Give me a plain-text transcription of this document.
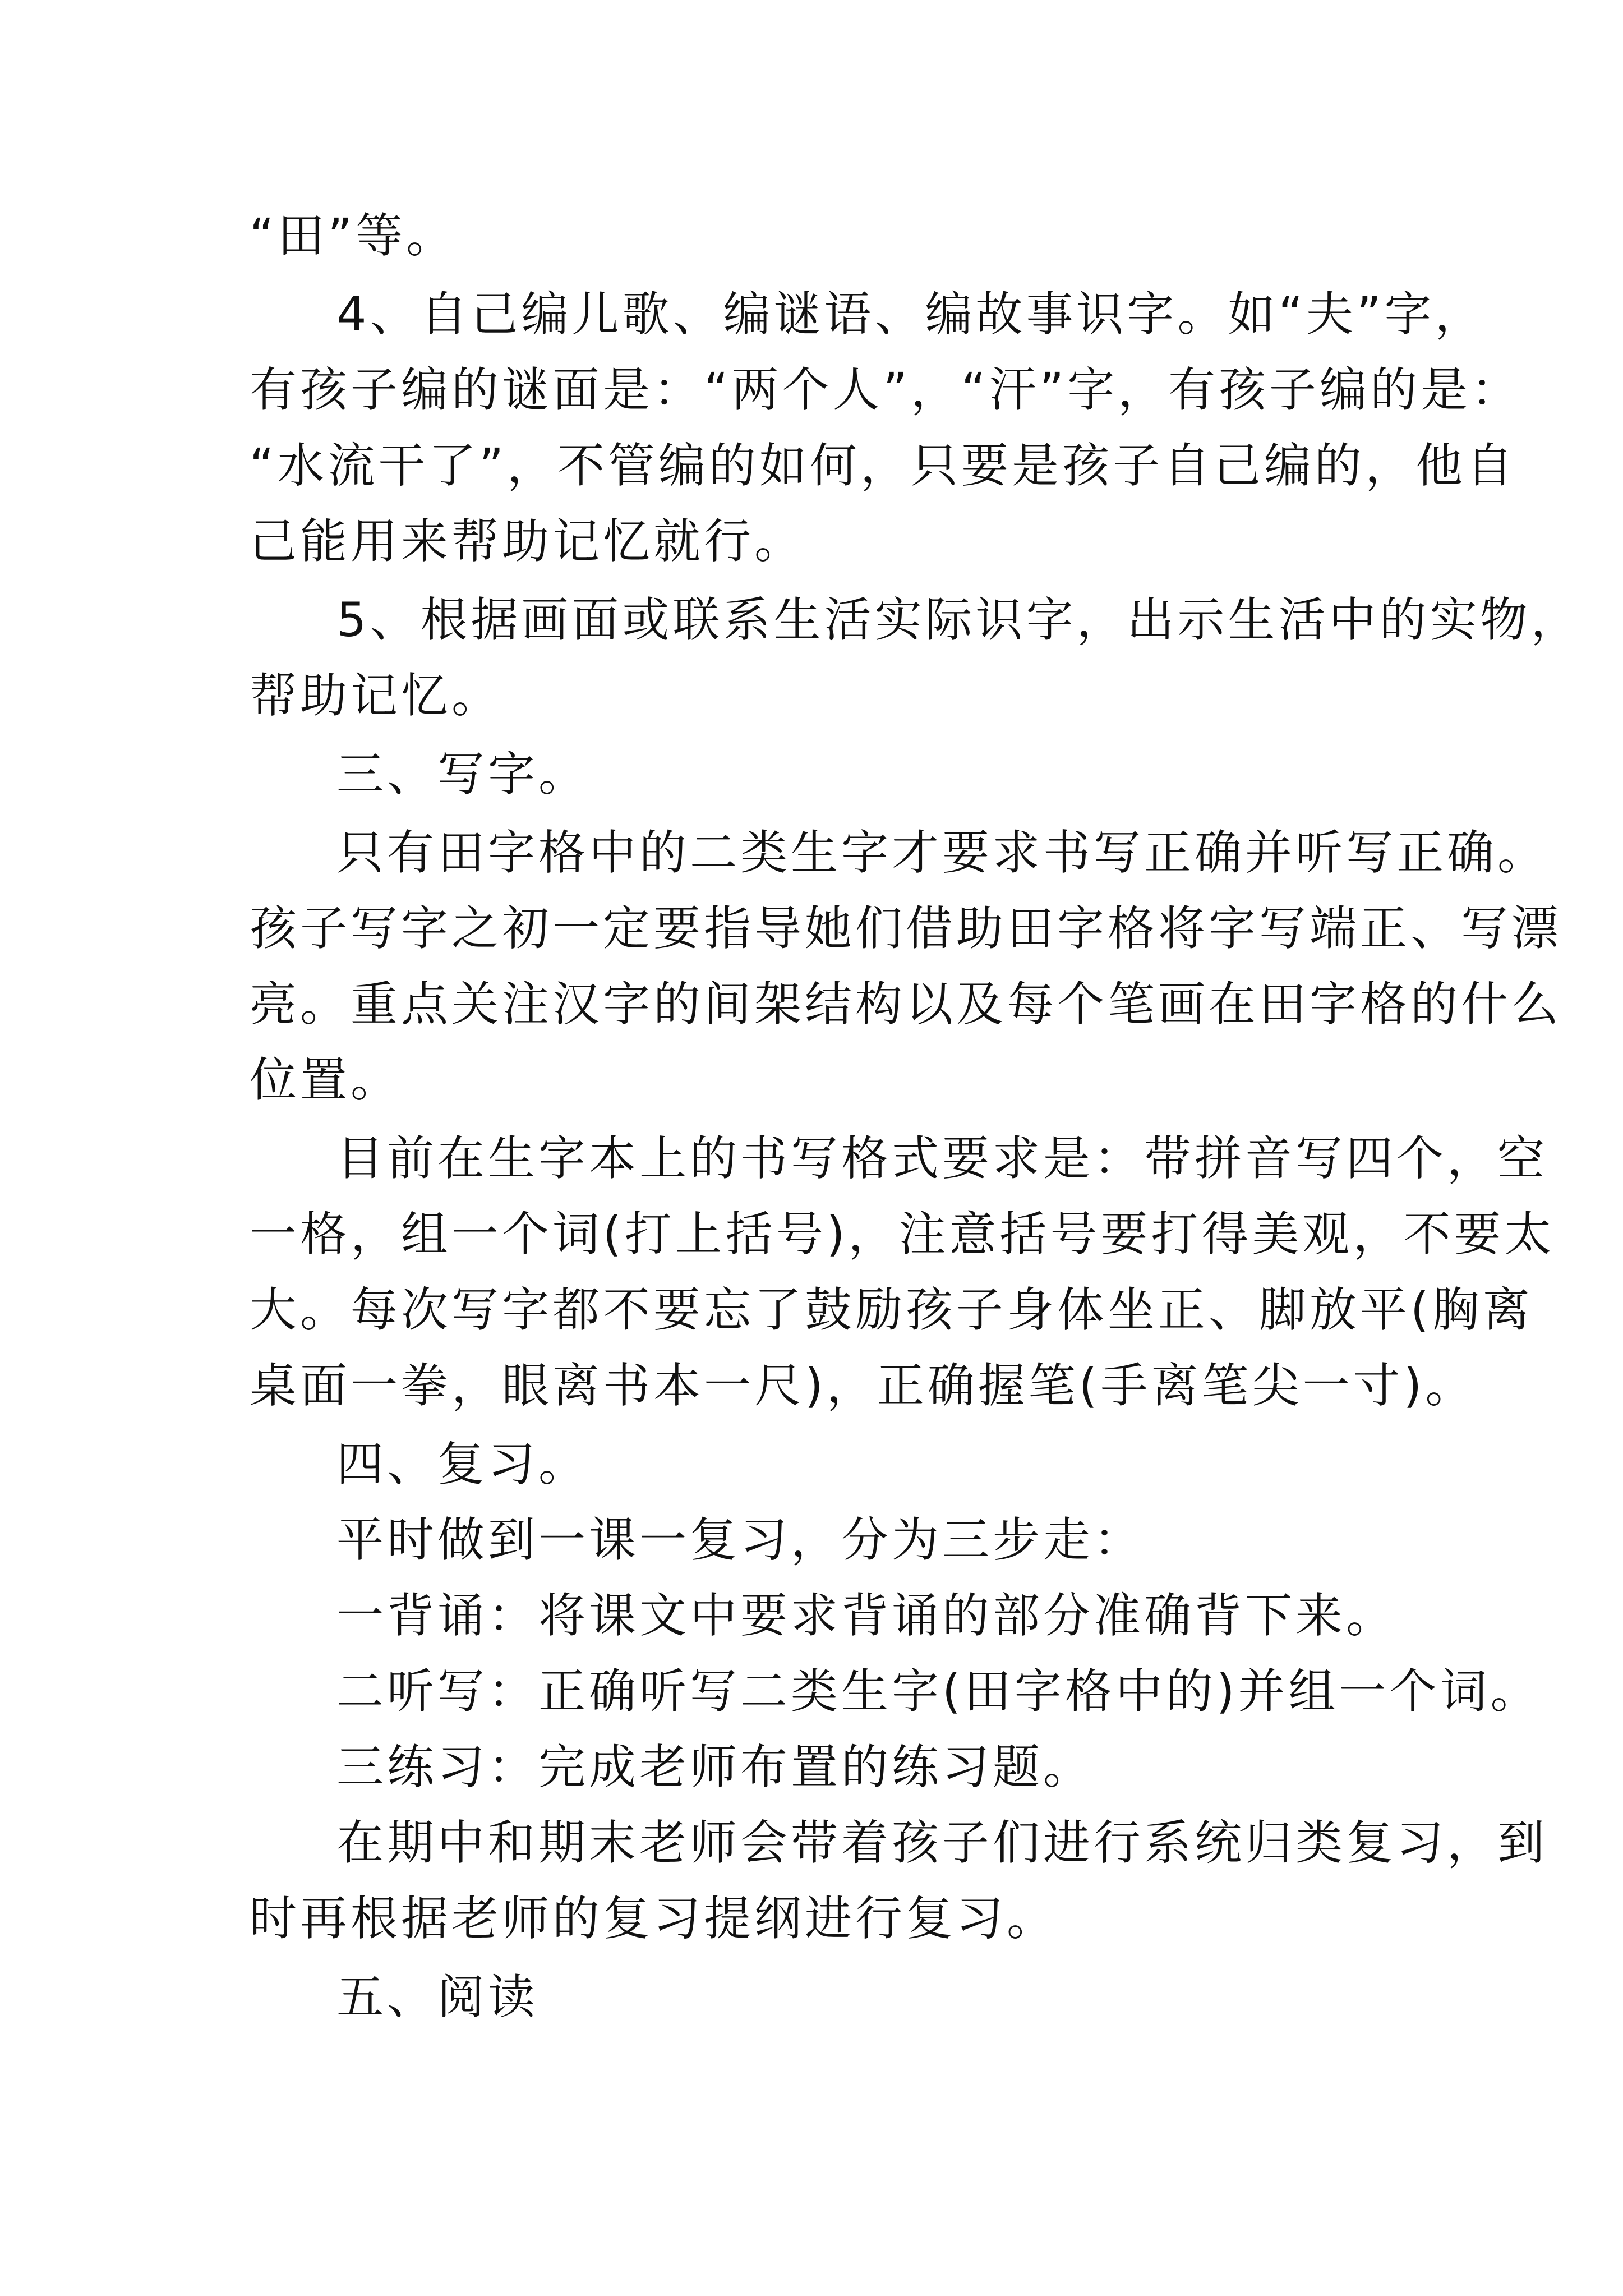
“田”等。
4、自己编儿歌、编谜语、编故事识字。如“夫”字，
有孩子编的谜面是：“两个人”，“汗”字，有孩子编的是：
“水流干了”，不管编的如何，只要是孩子自己编的，他自
己能用来帮助记忆就行。
5、根据画面或联系生活实际识字，出示生活中的实物，
帮助记忆。
三、写字。
只有田字格中的二类生字才要求书写正确并听写正确。
孩子写字之初一定要指导她们借助田字格将字写端正、写漂
亮。重点关注汉字的间架结构以及每个笔画在田字格的什么
位置。
目前在生字本上的书写格式要求是：带拼音写四个，空
一格，组一个词(打上括号)，注意括号要打得美观，不要太
大。每次写字都不要忘了鼓励孩子身体坐正、脚放平(胸离
桌面一拳，眼离书本一尺)，正确握笔(手离笔尖一寸)。
四、复习。
平时做到一课一复习，分为三步走：
一背诵：将课文中要求背诵的部分准确背下来。
二听写：正确听写二类生字(田字格中的)并组一个词。
三练习：完成老师布置的练习题。
在期中和期末老师会带着孩子们进行系统归类复习，到
时再根据老师的复习提纲进行复习。
五、阅读
